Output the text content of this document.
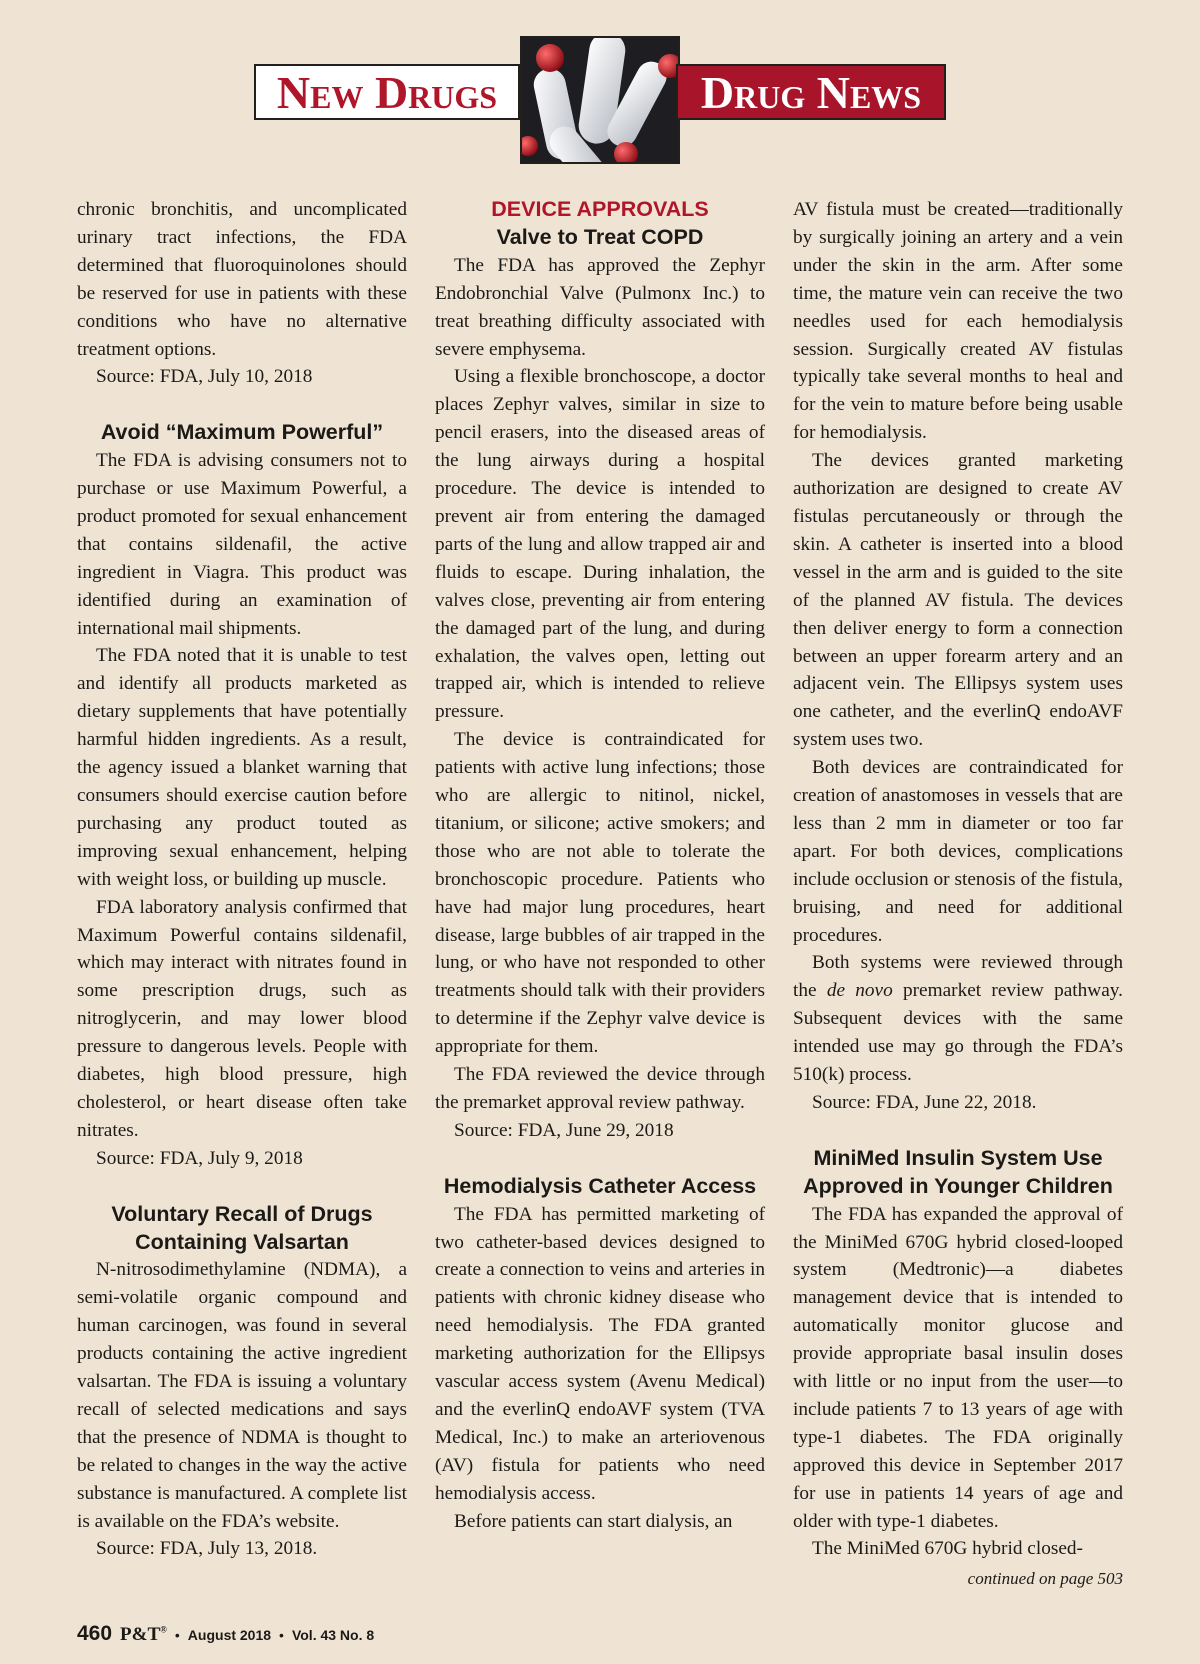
New Drugs	Drug News

chronic bronchitis, and uncomplicated urinary tract infections, the FDA determined that fluoroquinolones should be reserved for use in patients with these conditions who have no alternative treatment options.

Source: FDA, July 10, 2018

Avoid “Maximum Powerful”

The FDA is advising consumers not to purchase or use Maximum Powerful, a product promoted for sexual enhancement that contains sildenafil, the active ingredient in Viagra. This product was identified during an examination of international mail shipments.

The FDA noted that it is unable to test and identify all products marketed as dietary supplements that have potentially harmful hidden ingredients. As a result, the agency issued a blanket warning that consumers should exercise caution before purchasing any product touted as improving sexual enhancement, helping with weight loss, or building up muscle.

FDA laboratory analysis confirmed that Maximum Powerful contains sildenafil, which may interact with nitrates found in some prescription drugs, such as nitroglycerin, and may lower blood pressure to dangerous levels. People with diabetes, high blood pressure, high cholesterol, or heart disease often take nitrates.

Source: FDA, July 9, 2018

Voluntary Recall of Drugs
Containing Valsartan

N-nitrosodimethylamine (NDMA), a semi-volatile organic compound and human carcinogen, was found in several products containing the active ingredient valsartan. The FDA is issuing a voluntary recall of selected medications and says that the presence of NDMA is thought to be related to changes in the way the active substance is manufactured. A complete list is available on the FDA’s website.

Source: FDA, July 13, 2018.

DEVICE APPROVALS
Valve to Treat COPD

The FDA has approved the Zephyr Endobronchial Valve (Pulmonx Inc.) to treat breathing difficulty associated with severe emphysema.

Using a flexible bronchoscope, a doctor places Zephyr valves, similar in size to pencil erasers, into the diseased areas of the lung airways during a hospital procedure. The device is intended to prevent air from entering the damaged parts of the lung and allow trapped air and fluids to escape. During inhalation, the valves close, preventing air from entering the damaged part of the lung, and during exhalation, the valves open, letting out trapped air, which is intended to relieve pressure.

The device is contraindicated for patients with active lung infections; those who are allergic to nitinol, nickel, titanium, or silicone; active smokers; and those who are not able to tolerate the bronchoscopic procedure. Patients who have had major lung procedures, heart disease, large bubbles of air trapped in the lung, or who have not responded to other treatments should talk with their providers to determine if the Zephyr valve device is appropriate for them.

The FDA reviewed the device through the premarket approval review pathway.

Source: FDA, June 29, 2018

Hemodialysis Catheter Access

The FDA has permitted marketing of two catheter-based devices designed to create a connection to veins and arteries in patients with chronic kidney disease who need hemodialysis. The FDA granted marketing authorization for the Ellipsys vascular access system (Avenu Medical) and the everlinQ endoAVF system (TVA Medical, Inc.) to make an arteriovenous (AV) fistula for patients who need hemodialysis access.

Before patients can start dialysis, an

AV fistula must be created—traditionally by surgically joining an artery and a vein under the skin in the arm. After some time, the mature vein can receive the two needles used for each hemodialysis session. Surgically created AV fistulas typically take several months to heal and for the vein to mature before being usable for hemodialysis.

The devices granted marketing authorization are designed to create AV fistulas percutaneously or through the skin. A catheter is inserted into a blood vessel in the arm and is guided to the site of the planned AV fistula. The devices then deliver energy to form a connection between an upper forearm artery and an adjacent vein. The Ellipsys system uses one catheter, and the everlinQ endoAVF system uses two.

Both devices are contraindicated for creation of anastomoses in vessels that are less than 2 mm in diameter or too far apart. For both devices, complications include occlusion or stenosis of the fistula, bruising, and need for additional procedures.

Both systems were reviewed through the de novo premarket review pathway. Subsequent devices with the same intended use may go through the FDA’s 510(k) process.

Source: FDA, June 22, 2018.

MiniMed Insulin System Use
Approved in Younger Children

The FDA has expanded the approval of the MiniMed 670G hybrid closed-looped system (Medtronic)—a diabetes management device that is intended to automatically monitor glucose and provide appropriate basal insulin doses with little or no input from the user—to include patients 7 to 13 years of age with type-1 diabetes. The FDA originally approved this device in September 2017 for use in patients 14 years of age and older with type-1 diabetes.

The MiniMed 670G hybrid closed-

continued on page 503
460 P&T® • August 2018 • Vol. 43 No. 8
